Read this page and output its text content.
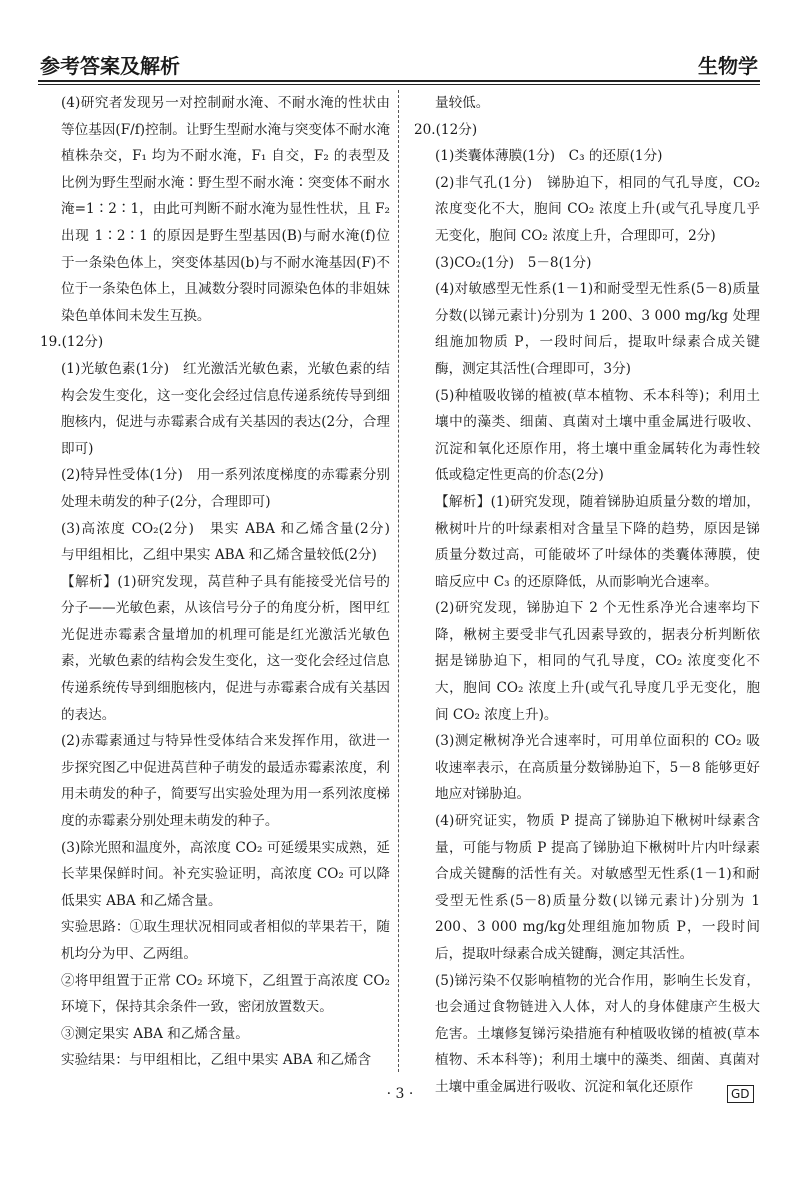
参考答案及解析	生物学

(4)研究者发现另一对控制耐水淹、不耐水淹的性状由等位基因(F/f)控制。让野生型耐水淹与突变体不耐水淹植株杂交，F₁ 均为不耐水淹，F₁ 自交，F₂ 的表型及比例为野生型耐水淹∶野生型不耐水淹∶突变体不耐水淹=1∶2∶1，由此可判断不耐水淹为显性性状，且 F₂ 出现 1∶2∶1 的原因是野生型基因(B)与耐水淹(f)位于一条染色体上，突变体基因(b)与不耐水淹基因(F)不位于一条染色体上，且减数分裂时同源染色体的非姐妹染色单体间未发生互换。

19.(12分)

(1)光敏色素(1分)　红光激活光敏色素，光敏色素的结构会发生变化，这一变化会经过信息传递系统传导到细胞核内，促进与赤霉素合成有关基因的表达(2分，合理即可)

(2)特异性受体(1分)　用一系列浓度梯度的赤霉素分别处理未萌发的种子(2分，合理即可)

(3)高浓度 CO₂(2分)　果实 ABA 和乙烯含量(2分)　与甲组相比，乙组中果实 ABA 和乙烯含量较低(2分)

【解析】(1)研究发现，莴苣种子具有能接受光信号的分子——光敏色素，从该信号分子的角度分析，图甲红光促进赤霉素含量增加的机理可能是红光激活光敏色素，光敏色素的结构会发生变化，这一变化会经过信息传递系统传导到细胞核内，促进与赤霉素合成有关基因的表达。

(2)赤霉素通过与特异性受体结合来发挥作用，欲进一步探究图乙中促进莴苣种子萌发的最适赤霉素浓度，利用未萌发的种子，简要写出实验处理为用一系列浓度梯度的赤霉素分别处理未萌发的种子。

(3)除光照和温度外，高浓度 CO₂ 可延缓果实成熟，延长苹果保鲜时间。补充实验证明，高浓度 CO₂ 可以降低果实 ABA 和乙烯含量。

实验思路：①取生理状况相同或者相似的苹果若干，随机均分为甲、乙两组。

②将甲组置于正常 CO₂ 环境下，乙组置于高浓度 CO₂ 环境下，保持其余条件一致，密闭放置数天。

③测定果实 ABA 和乙烯含量。

实验结果：与甲组相比，乙组中果实 ABA 和乙烯含

量较低。

20.(12分)

(1)类囊体薄膜(1分)　C₃ 的还原(1分)

(2)非气孔(1分)　锑胁迫下，相同的气孔导度，CO₂ 浓度变化不大，胞间 CO₂ 浓度上升(或气孔导度几乎无变化，胞间 CO₂ 浓度上升，合理即可，2分)

(3)CO₂(1分)　5－8(1分)

(4)对敏感型无性系(1－1)和耐受型无性系(5－8)质量分数(以锑元素计)分别为 1 200、3 000 mg/kg 处理组施加物质 P，一段时间后，提取叶绿素合成关键酶，测定其活性(合理即可，3分)

(5)种植吸收锑的植被(草本植物、禾本科等)；利用土壤中的藻类、细菌、真菌对土壤中重金属进行吸收、沉淀和氧化还原作用，将土壤中重金属转化为毒性较低或稳定性更高的价态(2分)

【解析】(1)研究发现，随着锑胁迫质量分数的增加，楸树叶片的叶绿素相对含量呈下降的趋势，原因是锑质量分数过高，可能破坏了叶绿体的类囊体薄膜，使暗反应中 C₃ 的还原降低，从而影响光合速率。

(2)研究发现，锑胁迫下 2 个无性系净光合速率均下降，楸树主要受非气孔因素导致的，据表分析判断依据是锑胁迫下，相同的气孔导度，CO₂ 浓度变化不大，胞间 CO₂ 浓度上升(或气孔导度几乎无变化，胞间 CO₂ 浓度上升)。

(3)测定楸树净光合速率时，可用单位面积的 CO₂ 吸收速率表示，在高质量分数锑胁迫下，5－8 能够更好地应对锑胁迫。

(4)研究证实，物质 P 提高了锑胁迫下楸树叶绿素含量，可能与物质 P 提高了锑胁迫下楸树叶片内叶绿素合成关键酶的活性有关。对敏感型无性系(1－1)和耐受型无性系(5－8)质量分数(以锑元素计)分别为 1 200、3 000 mg/kg处理组施加物质 P，一段时间后，提取叶绿素合成关键酶，测定其活性。

(5)锑污染不仅影响植物的光合作用，影响生长发育，也会通过食物链进入人体，对人的身体健康产生极大危害。土壤修复锑污染措施有种植吸收锑的植被(草本植物、禾本科等)；利用土壤中的藻类、细菌、真菌对土壤中重金属进行吸收、沉淀和氧化还原作

· 3 ·	GD
